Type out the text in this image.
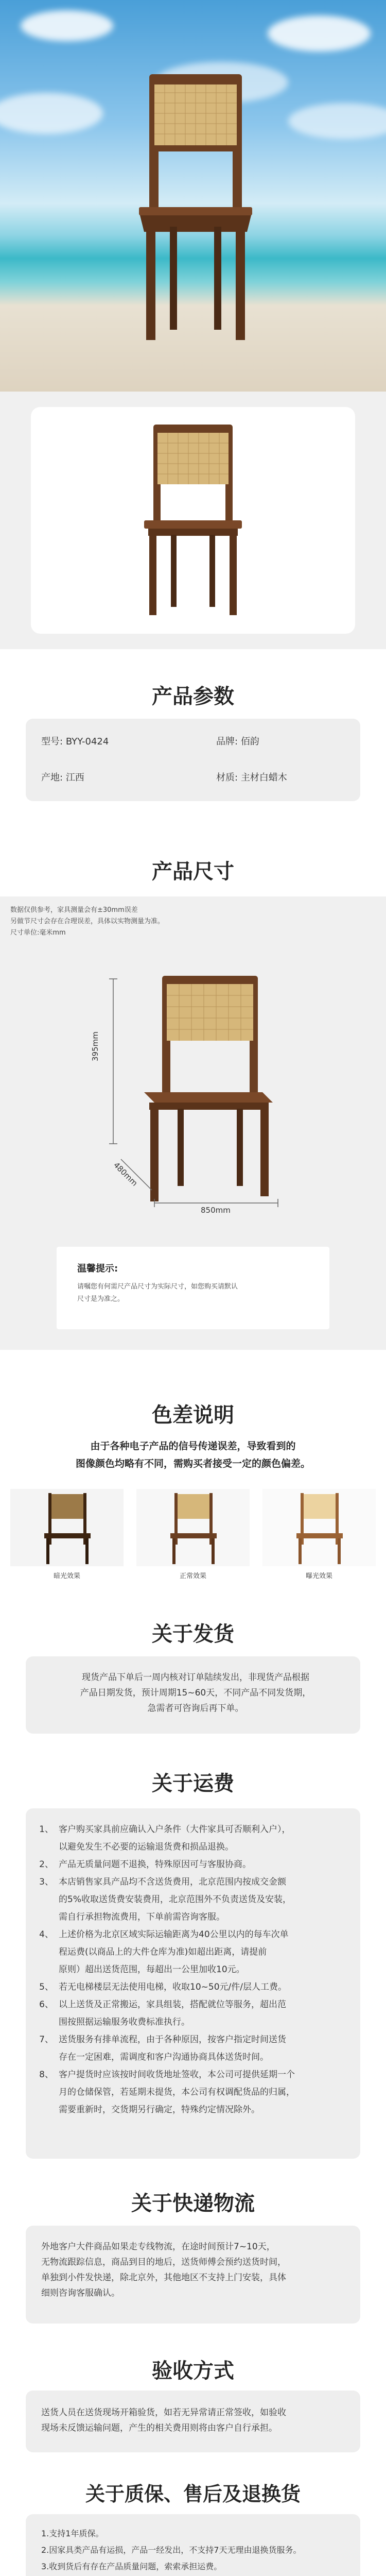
产品参数
型号: BYY-0424	品牌: 佰韵
产地: 江西	材质: 主材白蜡木
产品尺寸
数据仅供参考，家具测量会有±30mm误差
另做节尺寸会存在合理误差，具体以实物测量为准。
尺寸单位:毫米mm
395mm
480mm
850mm
温馨提示:
请嘱您有何需尺产品尺寸为实际尺寸，如您购买请默认
尺寸是为准之。
色差说明
由于各种电子产品的信号传递误差，导致看到的
图像颜色均略有不同，需购买者接受一定的颜色偏差。
暗光效果	正常效果	曝光效果
关于发货
现货产品下单后一周内核对订单陆续发出，非现货产品根据
产品日期发货，预计周期15~60天，不同产品不同发货期，
急需者可咨询后再下单。
关于运费
1、 客户购买家具前应确认入户条件（大件家具可否顺利入户），
以避免发生不必要的运输退货费和损品退换。
2、 产品无质量问题不退换，特殊原因可与客服协商。
3、 本店销售家具产品均不含送货费用，北京范围内按成交金额
的5%收取送货费安装费用，北京范围外不负责送货及安装，
需自行承担物流费用，下单前需咨询客服。
4、 上述价格为北京区域实际运输距离为40公里以内的每车次单
程运费(以商品上的大件仓库为准)如超出距离，请提前
原则）超出送货范围，每超出一公里加收10元。
5、 若无电梯楼层无法使用电梯，收取10~50元/件/层人工费。
6、 以上送货及正常搬运，家具组装，搭配就位等服务，超出范
围按照据运输服务收费标准执行。
7、 送货服务有排单流程，由于各种原因，按客户指定时间送货
存在一定困难，需调度和客户沟通协商具体送货时间。
8、 客户提货时应该按时间收货地址签收，本公司可提供延期一个
月的仓储保管，若延期未提货，本公司有权调配货品的归属，
需要重新时，交货期另行确定，特殊约定情况除外。
关于快递物流
外地客户大件商品如果走专线物流，在途时间预计7~10天，
无物流跟踪信息，商品到目的地后，送货师傅会预约送货时间，
单独到小件发快递，除北京外，其他地区不支持上门安装，具体
细则咨询客服确认。
验收方式
送货人员在送货现场开箱验货，如若无异常请正常签收，如验收
现场未反馈运输问题，产生的相关费用则将由客户自行承担。
关于质保、售后及退换货
1.支持1年质保。
2.因家具类产品有运损，产品一经发出，不支持7天无理由退换货服务。
3.收到货后有存在产品质量问题，索索承担运费。
